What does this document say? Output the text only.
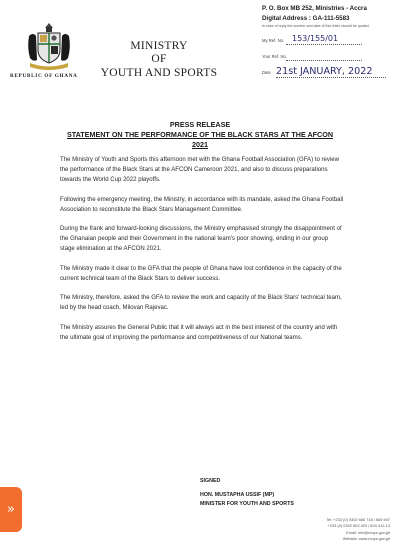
REPUBLIC OF GHANA
MINISTRY
OF
YOUTH AND SPORTS
P. O. Box MB 252, Ministries - Accra
Digital Address : GA-111-5583
In case of reply the number and date of this letter should be quoted
My Ref. No. 153/155/01
Your Ref. No.
Date 21st JANUARY, 2022
PRESS RELEASE
STATEMENT ON THE PERFORMANCE OF THE BLACK STARS AT THE AFCON 2021

The Ministry of Youth and Sports this afternoon met with the Ghana Football Association (GFA) to review the performance of the Black Stars at the AFCON Cameroon 2021, and also to discuss preparations towards the World Cup 2022 playoffs.

Following the emergency meeting, the Ministry, in accordance with its mandate, asked the Ghana Football Association to reconstitute the Black Stars Management Committee.

During the frank and forward-looking discussions, the Ministry emphasised strongly the disappointment of the Ghanaian people and their Government in the national team's poor showing, ending in our group stage elimination at the AFCON 2021.

The Ministry made it clear to the GFA that the people of Ghana have lost confidence in the capacity of the current technical team of the Black Stars to deliver success.

The Ministry, therefore, asked the GFA to review the work and capacity of the Black Stars' technical team, led by the head coach, Milovan Rajevac.

The Ministry assures the General Public that it will always act in the best interest of the country and with the ultimate goal of improving the performance and competitiveness of our National teams.

SIGNED
HON. MUSTAPHA USSIF (MP)
MINISTER FOR YOUTH AND SPORTS
Tel: +233 (0) 0302 666 718 / 665 697
+233 (0) 0302 603 403 / 603 412-13
Email: info@moys.gov.gh
Website: www.moys.gov.gh
»
